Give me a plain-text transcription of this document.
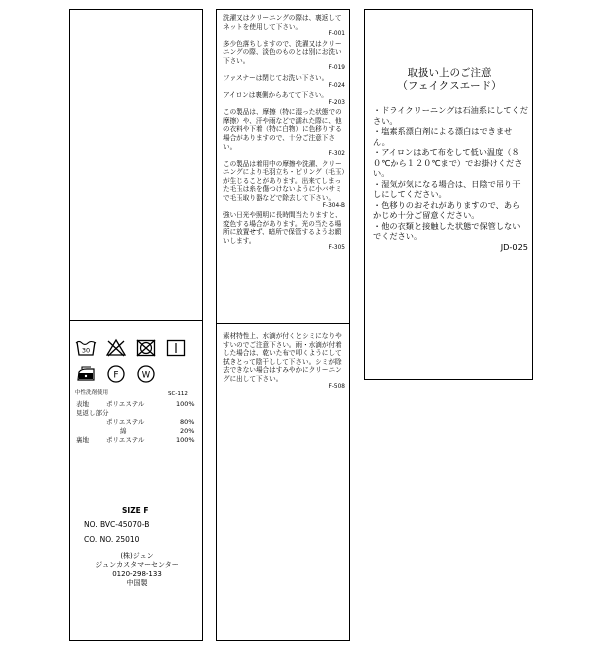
30
F	W
中性洗剤使用	SC-112
表地	ポリエステル	100%
見返し部分
ポリエステル	80%
綿	20%
裏地	ポリエステル	100%
SIZE F
NO. BVC-45070-B
CO. NO. 25010
(株)ジュン
ジュンカスタマーセンター
0120-298-133
中国製

洗濯又はクリーニングの際は、裏返してネットを使用して下さい。

F-001

多少色落ちしますので、洗濯又はクリーニングの際、淡色のものとは別にお洗い下さい。

F-019

ファスナーは閉じてお洗い下さい。

F-024

アイロンは裏側からあてて下さい。

F-203

この製品は、摩擦（特に湿った状態での摩擦）や、汗や雨などで濡れた際に、他の衣料や下着（特に白物）に色移りする場合がありますので、十分ご注意下さい。

F-302

この製品は着用中の摩擦や洗濯、クリーニングにより毛羽立ち・ピリング（毛玉）が生じることがあります。出来てしまった毛玉は糸を傷つけないように小バサミで毛玉取り器などで除去して下さい。

F-304-B

強い日光や照明に長時間当たりますと、変色する場合があります。光の当たる場所に放置せず、暗所で保管するようお願いします。

F-305

素材特性上、水滴が付くとシミになりやすいのでご注意下さい。雨・水滴が付着した場合は、乾いた布で叩くようにして拭きとって陰干しして下さい。シミが除去できない場合はすみやかにクリーニングに出して下さい。

F-508
取扱い上のご注意
（フェイクスエード）

・ドライクリーニングは石油系にしてください。

・塩素系漂白剤による漂白はできません。

・アイロンはあて布をして低い温度（８０℃から１２０℃まで）でお掛けください。

・湿気が気になる場合は、日陰で吊り干しにしてください。

・色移りのおそれがありますので、あらかじめ十分ご留意ください。

・他の衣類と接触した状態で保管しないでください。

JD-025
